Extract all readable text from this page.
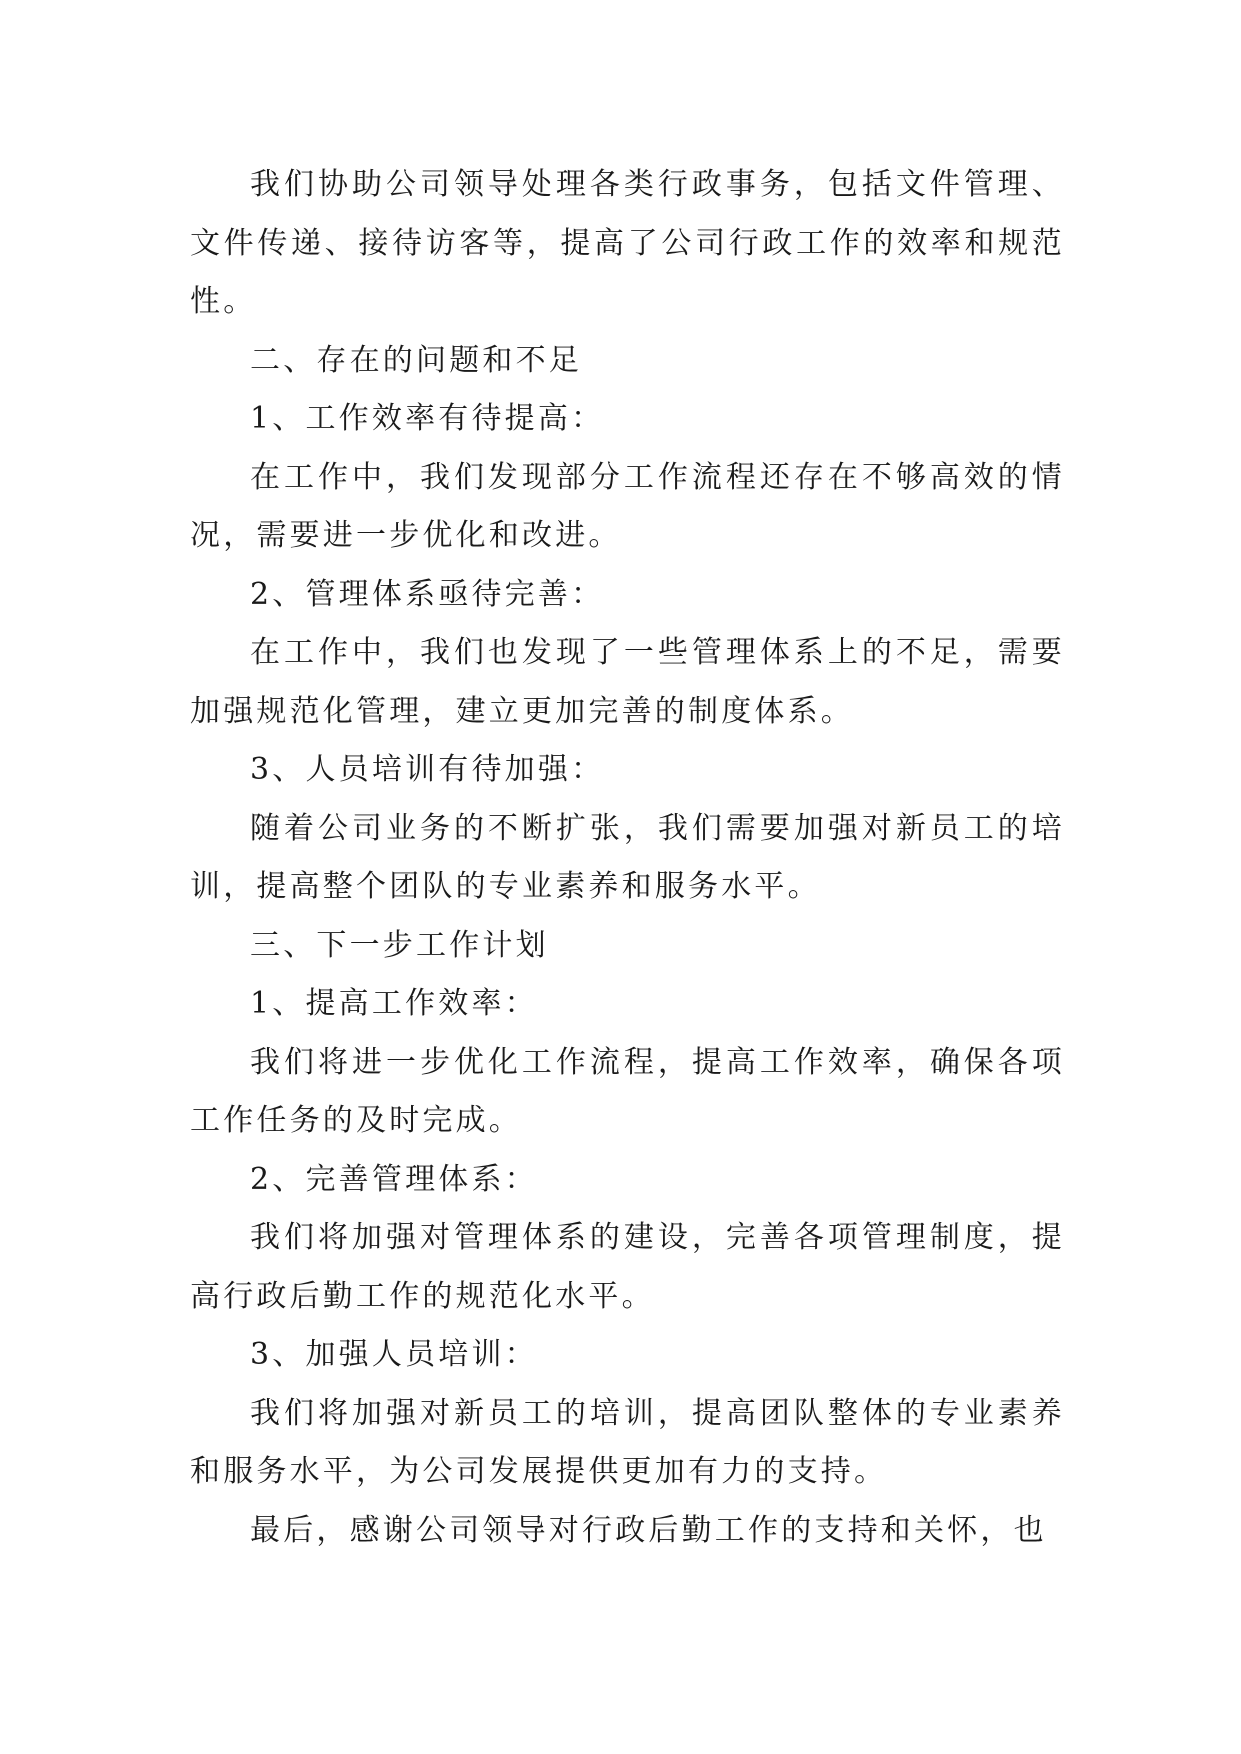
我们协助公司领导处理各类行政事务，包括文件管理、文件传递、接待访客等，提高了公司行政工作的效率和规范性。

二、存在的问题和不足

1、工作效率有待提高：

在工作中，我们发现部分工作流程还存在不够高效的情况，需要进一步优化和改进。

2、管理体系亟待完善：

在工作中，我们也发现了一些管理体系上的不足，需要加强规范化管理，建立更加完善的制度体系。

3、人员培训有待加强：

随着公司业务的不断扩张，我们需要加强对新员工的培训，提高整个团队的专业素养和服务水平。

三、下一步工作计划

1、提高工作效率：

我们将进一步优化工作流程，提高工作效率，确保各项工作任务的及时完成。

2、完善管理体系：

我们将加强对管理体系的建设，完善各项管理制度，提高行政后勤工作的规范化水平。

3、加强人员培训：

我们将加强对新员工的培训，提高团队整体的专业素养和服务水平，为公司发展提供更加有力的支持。

最后，感谢公司领导对行政后勤工作的支持和关怀，也
